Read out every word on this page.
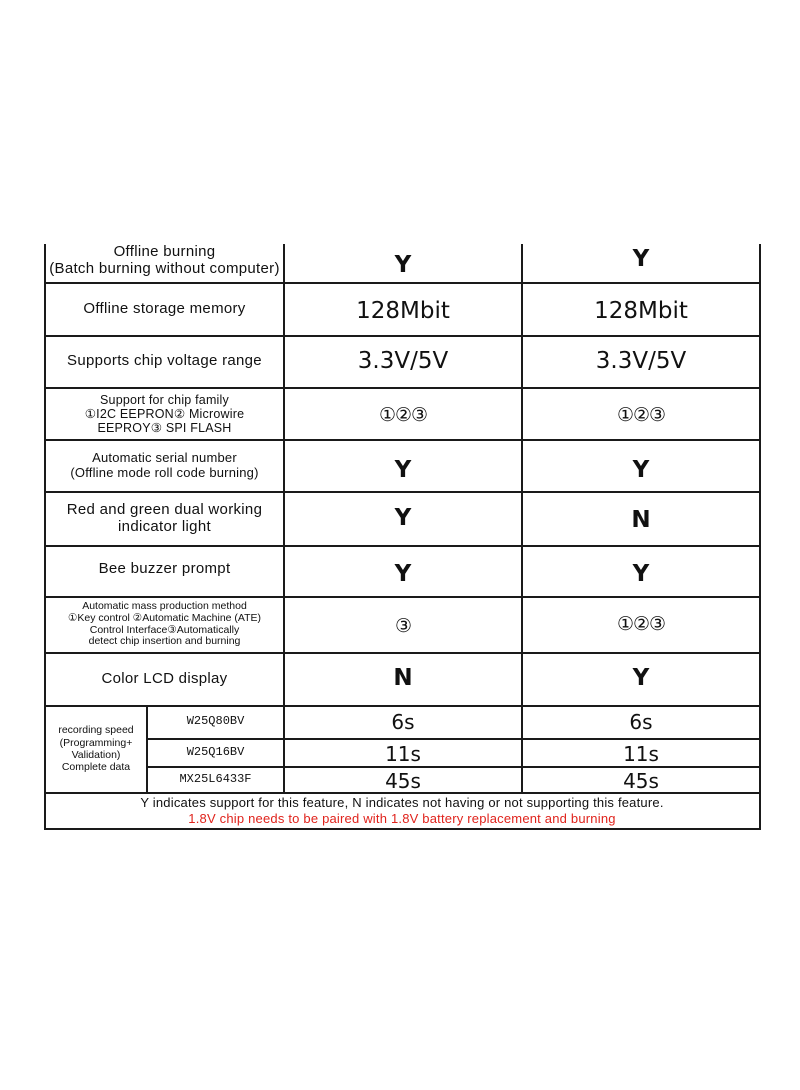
Offline burning
(Batch burning without computer)	Y	Y
Offline storage memory	128Mbit	128Mbit
Supports chip voltage range	3.3V/5V	3.3V/5V
Support for chip family
①I2C EEPRON② Microwire
EEPROY③ SPI FLASH
①②③	①②③
Automatic serial number
(Offline mode roll code burning)	Y	Y
Red and green dual working
indicator light	Y	N
Bee buzzer prompt	Y	Y
Automatic mass production method
①Key control ②Automatic Machine (ATE)
Control Interface③Automatically
detect chip insertion and burning
③	①②③
Color LCD display	N	Y
recording speed
(Programming+
Validation)
Complete data
W25Q80BV	6s	6s
W25Q16BV	11s	11s
MX25L6433F	45s	45s
Y indicates support for this feature, N indicates not having or not supporting this feature.
1.8V chip needs to be paired with 1.8V battery replacement and burning
